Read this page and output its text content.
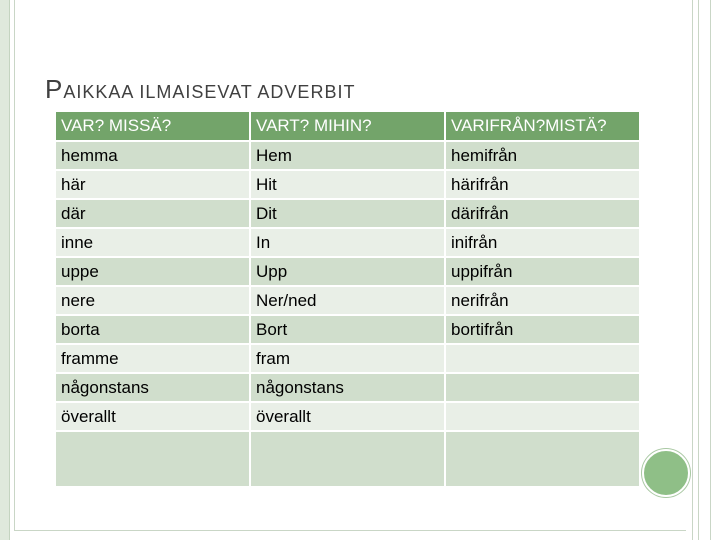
PAIKKAA ILMAISEVAT ADVERBIT
VAR? MISSÄ?	VART? MIHIN?	VARIFRÅN?MISTÄ?
hemma	Hem	hemifrån
här	Hit	härifrån
där	Dit	därifrån
inne	In	inifrån
uppe	Upp	uppifrån
nere	Ner/ned	nerifrån
borta	Bort	bortifrån
framme	fram	
någonstans	någonstans	
överallt	överallt	
